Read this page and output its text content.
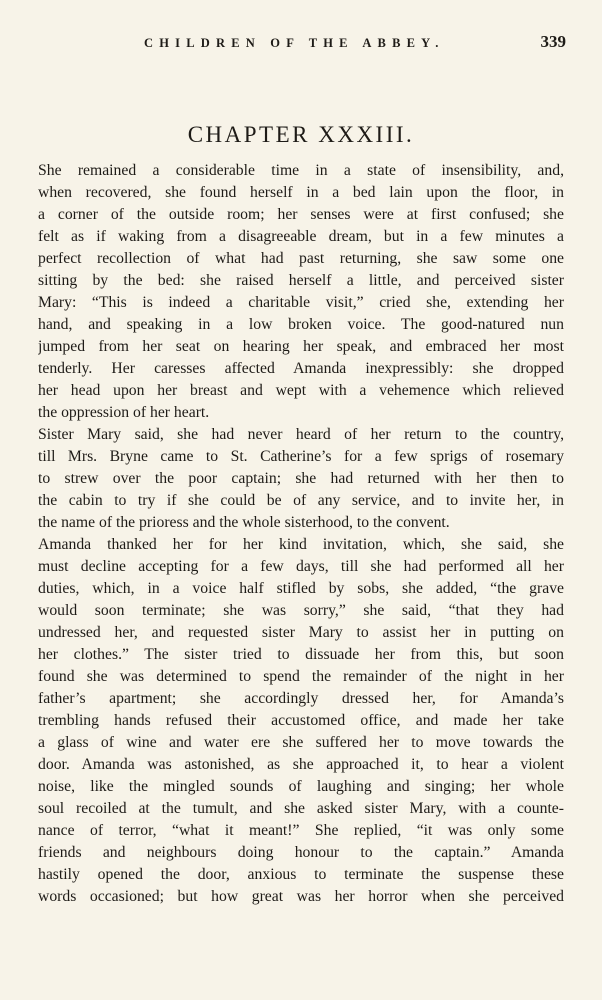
CHILDREN OF THE ABBEY.	339
CHAPTER XXXIII.
She remained a considerable time in a state of insensibility, and,
when recovered, she found herself in a bed lain upon the floor, in
a corner of the outside room; her senses were at first confused; she
felt as if waking from a disagreeable dream, but in a few minutes a
perfect recollection of what had past returning, she saw some one
sitting by the bed: she raised herself a little, and perceived sister
Mary: “This is indeed a charitable visit,” cried she, extending her
hand, and speaking in a low broken voice. The good-natured nun
jumped from her seat on hearing her speak, and embraced her most
tenderly. Her caresses affected Amanda inexpressibly: she dropped
her head upon her breast and wept with a vehemence which relieved
the oppression of her heart.
Sister Mary said, she had never heard of her return to the country,
till Mrs. Bryne came to St. Catherine’s for a few sprigs of rosemary
to strew over the poor captain; she had returned with her then to
the cabin to try if she could be of any service, and to invite her, in
the name of the prioress and the whole sisterhood, to the convent.
Amanda thanked her for her kind invitation, which, she said, she
must decline accepting for a few days, till she had performed all her
duties, which, in a voice half stifled by sobs, she added, “the grave
would soon terminate; she was sorry,” she said, “that they had
undressed her, and requested sister Mary to assist her in putting on
her clothes.” The sister tried to dissuade her from this, but soon
found she was determined to spend the remainder of the night in her
father’s apartment; she accordingly dressed her, for Amanda’s
trembling hands refused their accustomed office, and made her take
a glass of wine and water ere she suffered her to move towards the
door. Amanda was astonished, as she approached it, to hear a violent
noise, like the mingled sounds of laughing and singing; her whole
soul recoiled at the tumult, and she asked sister Mary, with a counte-
nance of terror, “what it meant!” She replied, “it was only some
friends and neighbours doing honour to the captain.” Amanda
hastily opened the door, anxious to terminate the suspense these
words occasioned; but how great was her horror when she perceived
